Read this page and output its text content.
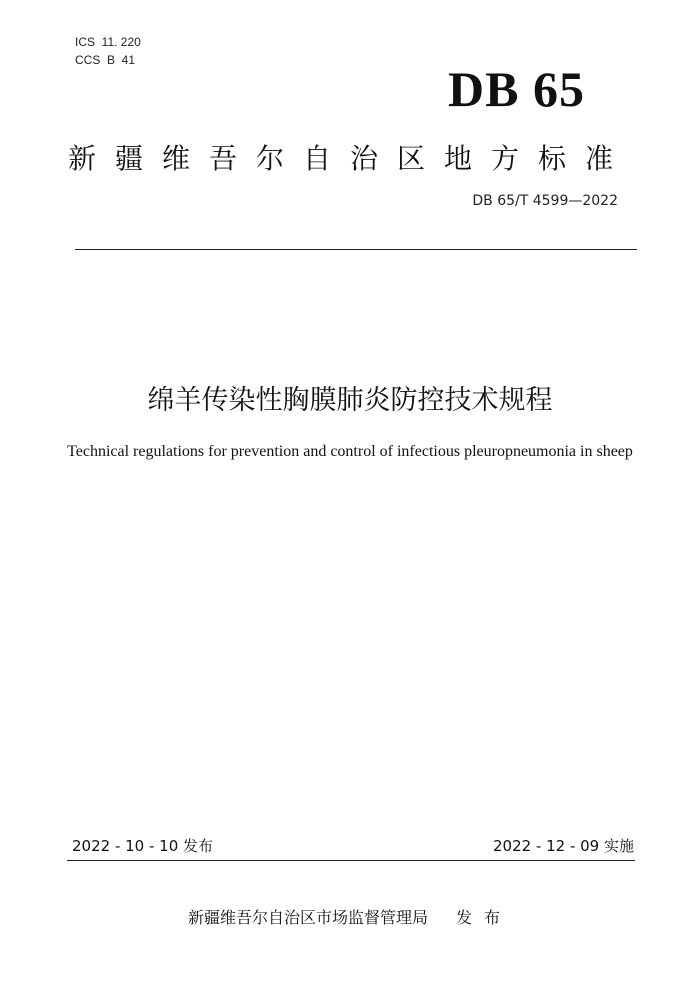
ICS  11. 220
CCS  B  41
DB 65
新疆维吾尔自治区地方标准
DB 65/T 4599—2022
绵羊传染性胸膜肺炎防控技术规程
Technical regulations for prevention and control of infectious pleuropneumonia in sheep
2022 - 10 - 10 发布	2022 - 12 - 09 实施
新疆维吾尔自治区市场监督管理局 发布
